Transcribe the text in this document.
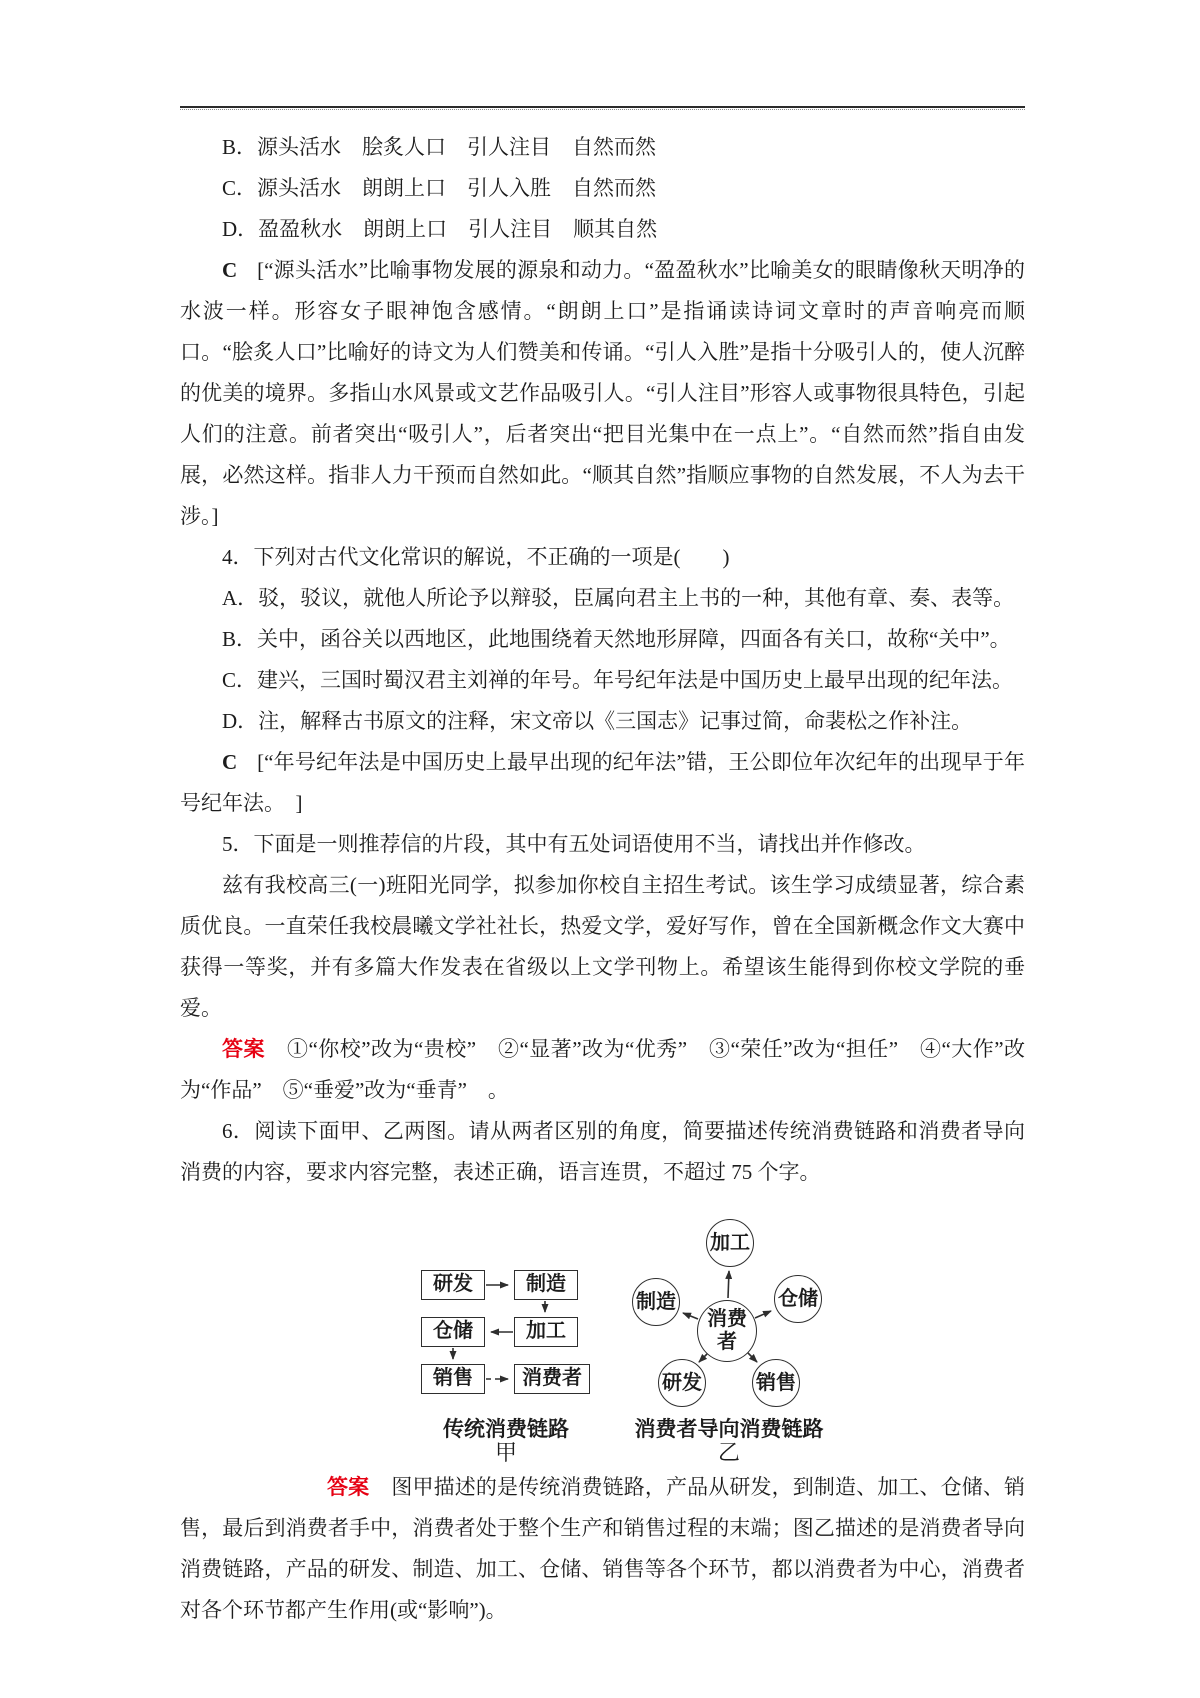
B．源头活水　脍炙人口　引人注目　自然而然

C．源头活水　朗朗上口　引人入胜　自然而然

D．盈盈秋水　朗朗上口　引人注目　顺其自然

C [“源头活水”比喻事物发展的源泉和动力。“盈盈秋水”比喻美女的眼睛像秋天明净的水波一样。形容女子眼神饱含感情。“朗朗上口”是指诵读诗词文章时的声音响亮而顺口。“脍炙人口”比喻好的诗文为人们赞美和传诵。“引人入胜”是指十分吸引人的，使人沉醉的优美的境界。多指山水风景或文艺作品吸引人。“引人注目”形容人或事物很具特色，引起人们的注意。前者突出“吸引人”，后者突出“把目光集中在一点上”。“自然而然”指自由发展，必然这样。指非人力干预而自然如此。“顺其自然”指顺应事物的自然发展，不人为去干涉。]

4．下列对古代文化常识的解说，不正确的一项是(　　)

A．驳，驳议，就他人所论予以辩驳，臣属向君主上书的一种，其他有章、奏、表等。

B．关中，函谷关以西地区，此地围绕着天然地形屏障，四面各有关口，故称“关中”。

C．建兴，三国时蜀汉君主刘禅的年号。年号纪年法是中国历史上最早出现的纪年法。

D．注，解释古书原文的注释，宋文帝以《三国志》记事过简，命裴松之作补注。

C [“年号纪年法是中国历史上最早出现的纪年法”错，王公即位年次纪年的出现早于年号纪年法。　]

5．下面是一则推荐信的片段，其中有五处词语使用不当，请找出并作修改。

兹有我校高三(一)班阳光同学，拟参加你校自主招生考试。该生学习成绩显著，综合素质优良。一直荣任我校晨曦文学社社长，热爱文学，爱好写作，曾在全国新概念作文大赛中获得一等奖，并有多篇大作发表在省级以上文学刊物上。希望该生能得到你校文学院的垂爱。

答案 ①“你校”改为“贵校”　②“显著”改为“优秀”　③“荣任”改为“担任”　④“大作”改为“作品”　⑤“垂爱”改为“垂青”　。

6．阅读下面甲、乙两图。请从两者区别的角度，简要描述传统消费链路和消费者导向消费的内容，要求内容完整，表述正确，语言连贯，不超过 75 个字。

研发	制造
仓储	加工
销售	消费者
传统消费链路
甲
加工
仓储
制造
消费者
研发	销售
消费者导向消费链路
乙

答案 图甲描述的是传统消费链路，产品从研发，到制造、加工、仓储、销售，最后到消费者手中，消费者处于整个生产和销售过程的末端；图乙描述的是消费者导向消费链路，产品的研发、制造、加工、仓储、销售等各个环节，都以消费者为中心，消费者对各个环节都产生作用(或“影响”)。
